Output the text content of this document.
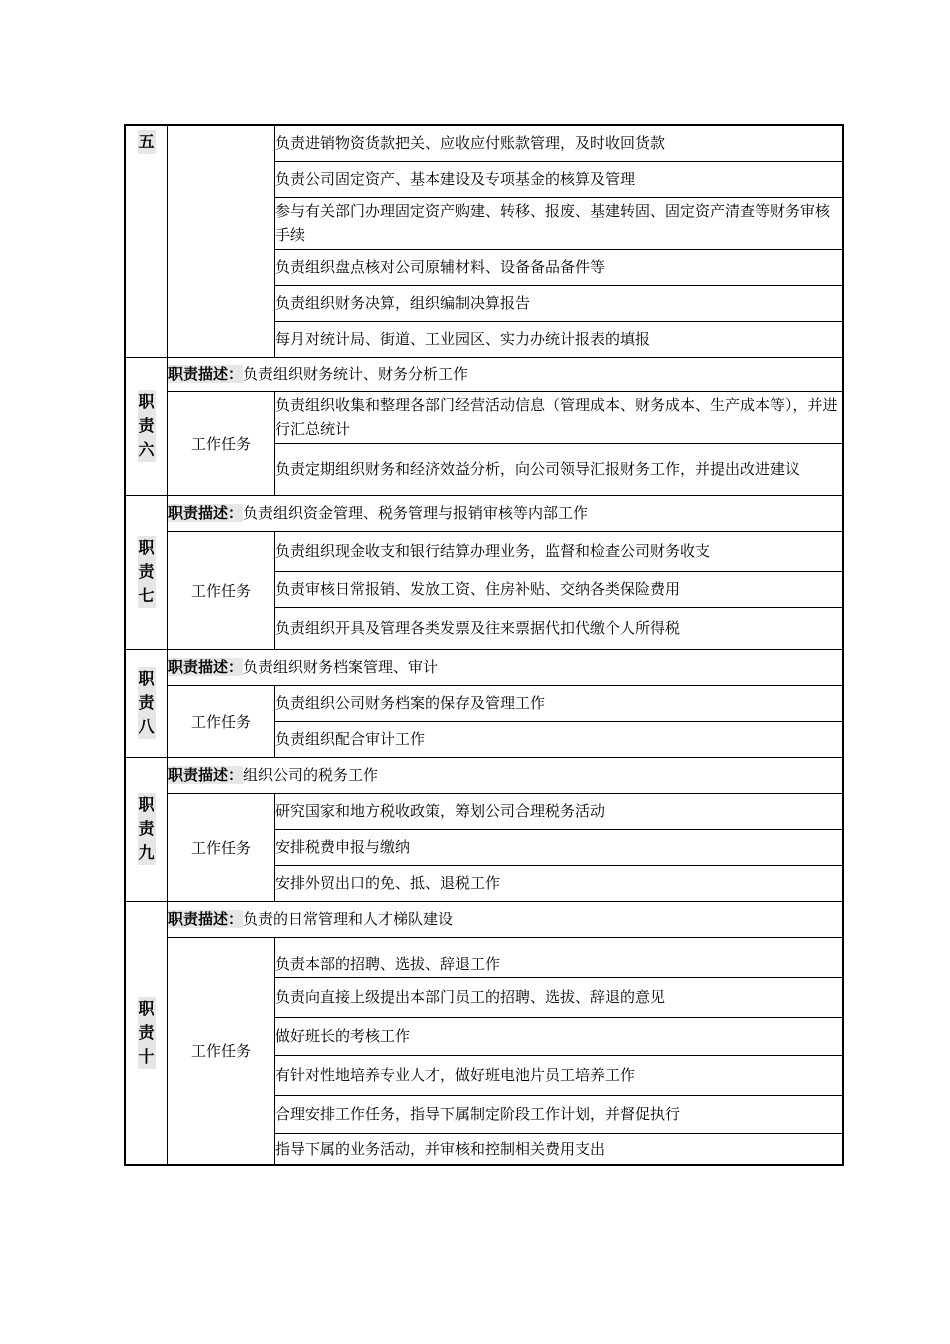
五		负责进销物资货款把关、应收应付账款管理，及时收回货款
		负责公司固定资产、基本建设及专项基金的核算及管理
		参与有关部门办理固定资产购建、转移、报废、基建转固、固定资产清查等财务审核手续
		负责组织盘点核对公司原辅材料、设备备品备件等
		负责组织财务决算，组织编制决算报告
		每月对统计局、街道、工业园区、实力办统计报表的填报

职责六	职责描述：负责组织财务统计、财务分析工作	
	工作任务	负责组织收集和整理各部门经营活动信息（管理成本、财务成本、生产成本等），并进行汇总统计
		负责定期组织财务和经济效益分析，向公司领导汇报财务工作，并提出改进建议

职责七	职责描述：负责组织资金管理、税务管理与报销审核等内部工作	
	工作任务	负责组织现金收支和银行结算办理业务，监督和检查公司财务收支
		负责审核日常报销、发放工资、住房补贴、交纳各类保险费用
		负责组织开具及管理各类发票及往来票据代扣代缴个人所得税

职责八	职责描述：负责组织财务档案管理、审计	
	工作任务	负责组织公司财务档案的保存及管理工作
		负责组织配合审计工作

职责九	职责描述：组织公司的税务工作	
	工作任务	研究国家和地方税收政策，筹划公司合理税务活动
		安排税费申报与缴纳
		安排外贸出口的免、抵、退税工作

职责十	职责描述：负责的日常管理和人才梯队建设	
	工作任务	负责本部的招聘、选拔、辞退工作
		负责向直接上级提出本部门员工的招聘、选拔、辞退的意见
		做好班长的考核工作
		有针对性地培养专业人才，做好班电池片员工培养工作
		合理安排工作任务，指导下属制定阶段工作计划，并督促执行
		指导下属的业务活动，并审核和控制相关费用支出
